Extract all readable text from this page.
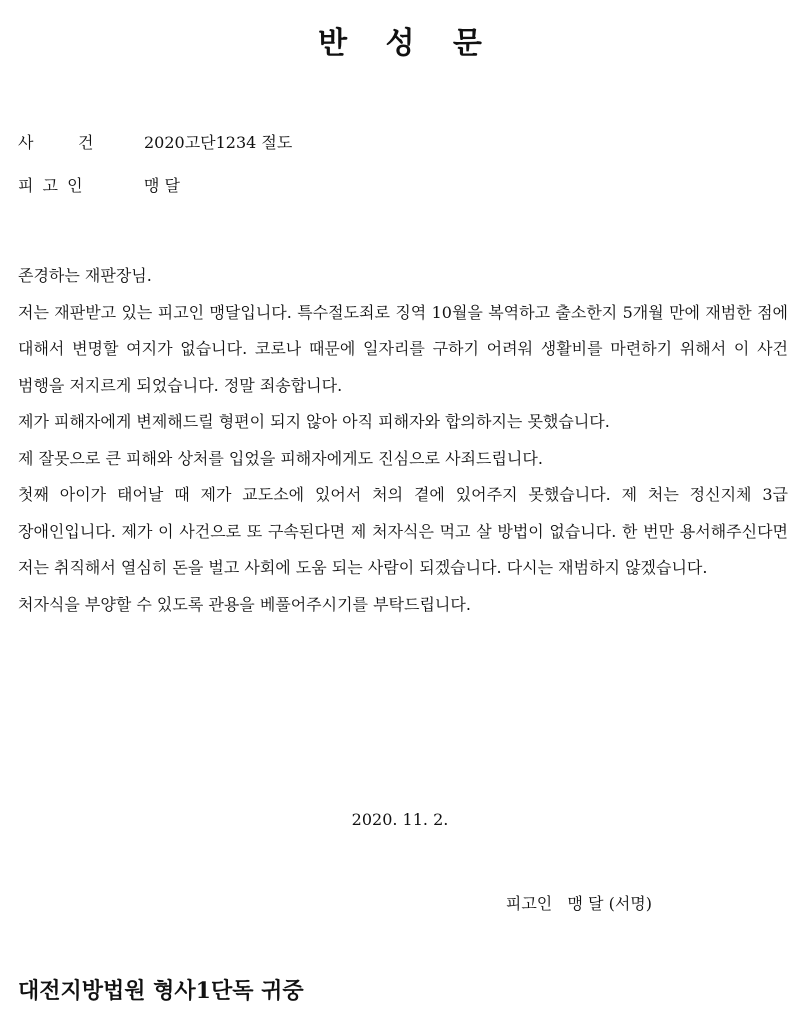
반 성 문
사      건	2020고단1234 절도
피 고 인	맹 달

존경하는 재판장님.

저는 재판받고 있는 피고인 맹달입니다. 특수절도죄로 징역 10월을 복역하고 출소한지 5개월 만에 재범한 점에 대해서 변명할 여지가 없습니다. 코로나 때문에 일자리를 구하기 어려워 생활비를 마련하기 위해서 이 사건 범행을 저지르게 되었습니다. 정말 죄송합니다.

제가 피해자에게 변제해드릴 형편이 되지 않아 아직 피해자와 합의하지는 못했습니다.

제 잘못으로 큰 피해와 상처를 입었을 피해자에게도 진심으로 사죄드립니다.

첫째 아이가 태어날 때 제가 교도소에 있어서 처의 곁에 있어주지 못했습니다. 제 처는 정신지체 3급 장애인입니다. 제가 이 사건으로 또 구속된다면 제 처자식은 먹고 살 방법이 없습니다. 한 번만 용서해주신다면 저는 취직해서 열심히 돈을 벌고 사회에 도움 되는 사람이 되겠습니다. 다시는 재범하지 않겠습니다.

처자식을 부양할 수 있도록 관용을 베풀어주시기를 부탁드립니다.

2020. 11. 2.
피고인   맹 달 (서명)
대전지방법원 형사1단독 귀중
